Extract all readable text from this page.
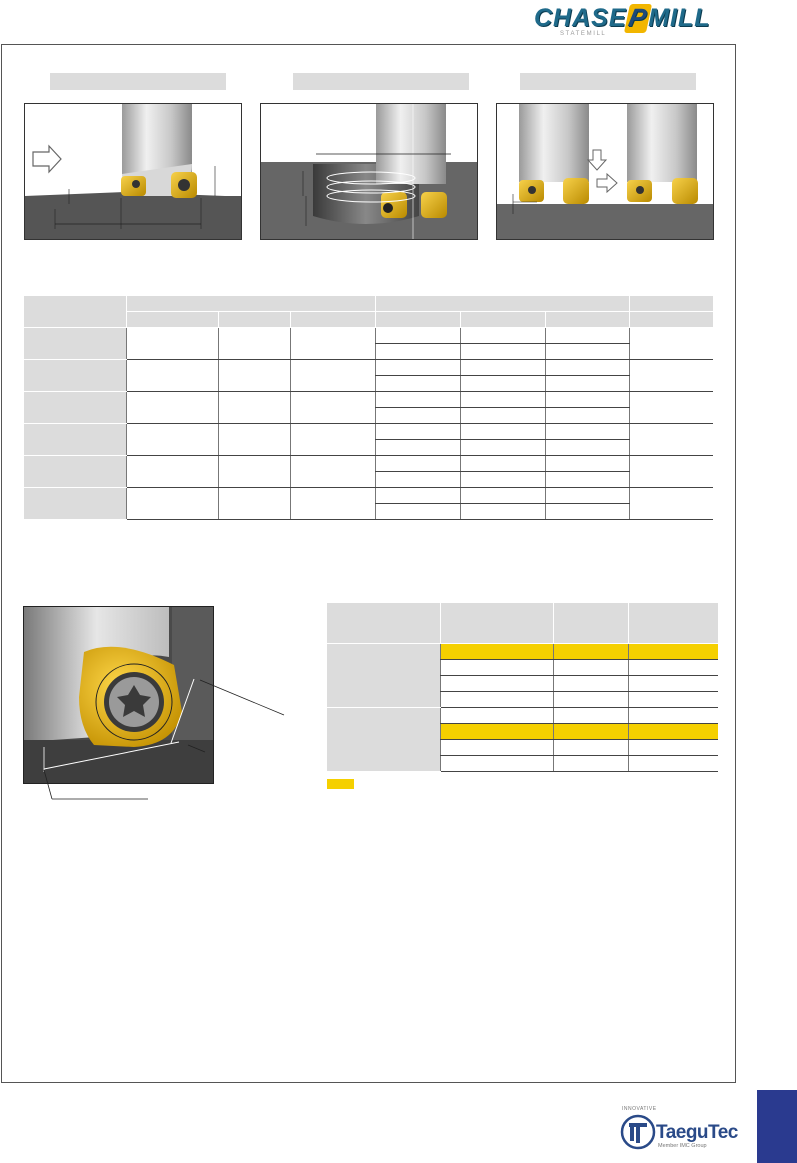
CHASEPMILL
S T A T E M I L L

INNOVATIVE
TaeguTec
Member IMC Group
